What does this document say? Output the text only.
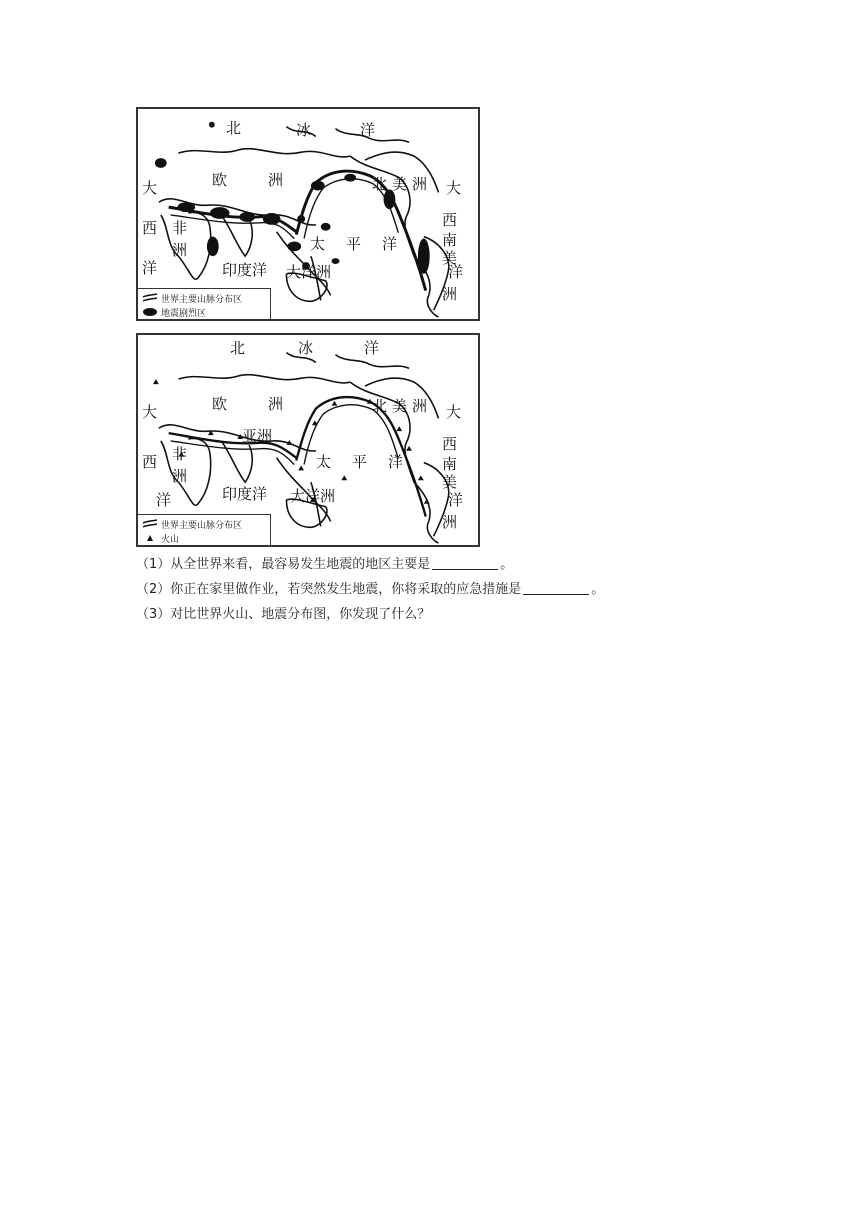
北	冰	洋
大	欧	洲	北 美 洲 大
西
西 非
洲
洋
太 平 洋
印度洋 大洋洲
南
美
洋
洲
世界主要山脉分布区
地震剧烈区
北	冰	洋
大	欧	洲	北 美 洲 大
西
亚洲
西 非
洲
洋
太 平 洋
印度洋 大洋洲
南
美
洋
洲
世界主要山脉分布区
火山
（1）从全世界来看，最容易发生地震的地区主要是	。
（2）你正在家里做作业，若突然发生地震，你将采取的应急措施是	。
（3）对比世界火山、地震分布图，你发现了什么？
